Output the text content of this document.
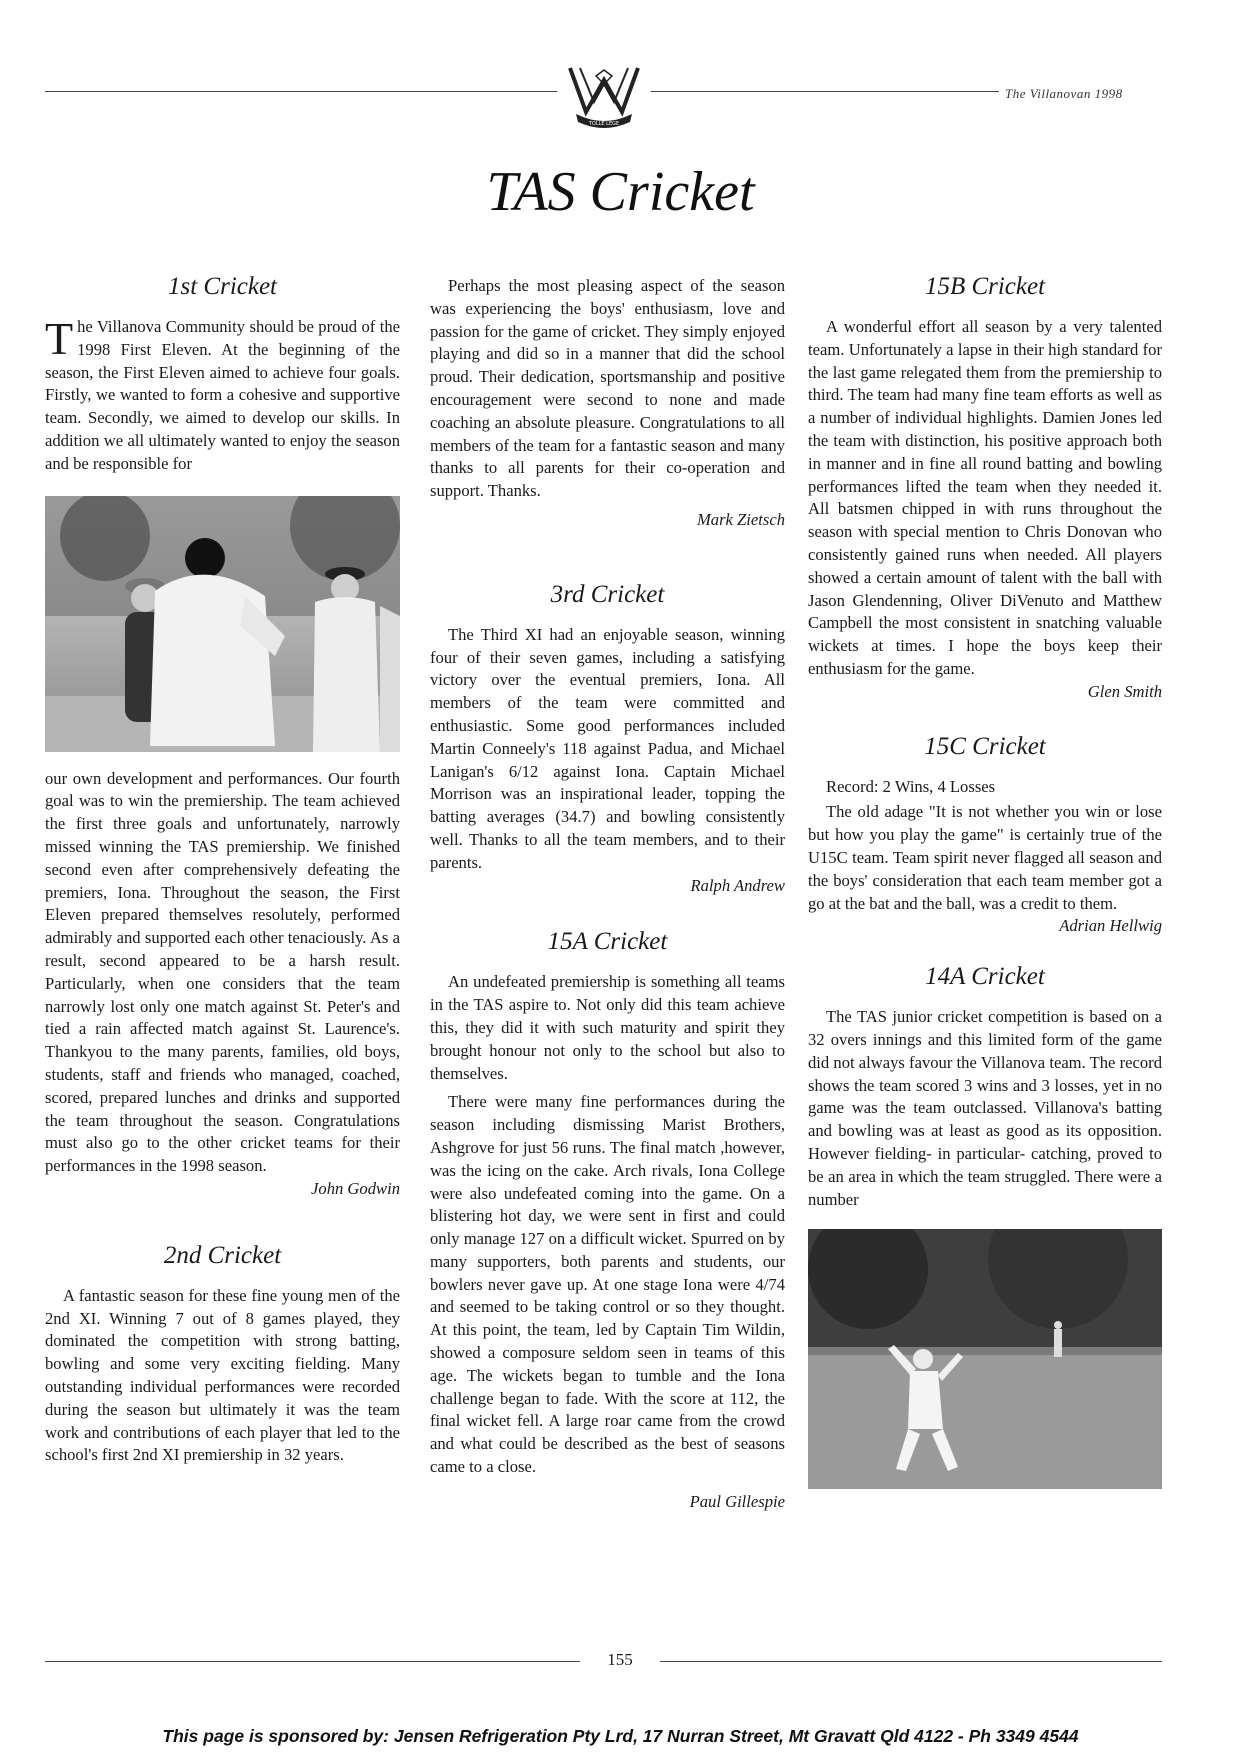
TOLLE LEGE
The Villanovan 1998
TAS Cricket
1st Cricket

The Villanova Community should be proud of the 1998 First Eleven. At the beginning of the season, the First Eleven aimed to achieve four goals. Firstly, we wanted to form a cohesive and supportive team. Secondly, we aimed to develop our skills. In addition we all ultimately wanted to enjoy the season and be responsible for

our own development and performances. Our fourth goal was to win the premiership. The team achieved the first three goals and unfortunately, narrowly missed winning the TAS premiership. We finished second even after comprehensively defeating the premiers, Iona. Throughout the season, the First Eleven prepared themselves resolutely, performed admirably and supported each other tenaciously. As a result, second appeared to be a harsh result. Particularly, when one considers that the team narrowly lost only one match against St. Peter's and tied a rain affected match against St. Laurence's. Thankyou to the many parents, families, old boys, students, staff and friends who managed, coached, scored, prepared lunches and drinks and supported the team throughout the season. Congratulations must also go to the other cricket teams for their performances in the 1998 season.

John Godwin

2nd Cricket

A fantastic season for these fine young men of the 2nd XI. Winning 7 out of 8 games played, they dominated the competition with strong batting, bowling and some very exciting fielding. Many outstanding individual performances were recorded during the season but ultimately it was the team work and contributions of each player that led to the school's first 2nd XI premiership in 32 years.

Perhaps the most pleasing aspect of the season was experiencing the boys' enthusiasm, love and passion for the game of cricket. They simply enjoyed playing and did so in a manner that did the school proud. Their dedication, sportsmanship and positive encouragement were second to none and made coaching an absolute pleasure. Congratulations to all members of the team for a fantastic season and many thanks to all parents for their co-operation and support. Thanks.

Mark Zietsch

3rd Cricket

The Third XI had an enjoyable season, winning four of their seven games, including a satisfying victory over the eventual premiers, Iona. All members of the team were committed and enthusiastic. Some good performances included Martin Conneely's 118 against Padua, and Michael Lanigan's 6/12 against Iona. Captain Michael Morrison was an inspirational leader, topping the batting averages (34.7) and bowling consistently well. Thanks to all the team members, and to their parents.

Ralph Andrew

15A Cricket

An undefeated premiership is something all teams in the TAS aspire to. Not only did this team achieve this, they did it with such maturity and spirit they brought honour not only to the school but also to themselves.

There were many fine performances during the season including dismissing Marist Brothers, Ashgrove for just 56 runs. The final match ,however, was the icing on the cake. Arch rivals, Iona College were also undefeated coming into the game. On a blistering hot day, we were sent in first and could only manage 127 on a difficult wicket. Spurred on by many supporters, both parents and students, our bowlers never gave up. At one stage Iona were 4/74 and seemed to be taking control or so they thought. At this point, the team, led by Captain Tim Wildin, showed a composure seldom seen in teams of this age. The wickets began to tumble and the Iona challenge began to fade. With the score at 112, the final wicket fell. A large roar came from the crowd and what could be described as the best of seasons came to a close.

Paul Gillespie

15B Cricket

A wonderful effort all season by a very talented team. Unfortunately a lapse in their high standard for the last game relegated them from the premiership to third. The team had many fine team efforts as well as a number of individual highlights. Damien Jones led the team with distinction, his positive approach both in manner and in fine all round batting and bowling performances lifted the team when they needed it. All batsmen chipped in with runs throughout the season with special mention to Chris Donovan who consistently gained runs when needed. All players showed a certain amount of talent with the ball with Jason Glendenning, Oliver DiVenuto and Matthew Campbell the most consistent in snatching valuable wickets at times. I hope the boys keep their enthusiasm for the game.

Glen Smith

15C Cricket

Record: 2 Wins, 4 Losses

The old adage "It is not whether you win or lose but how you play the game" is certainly true of the U15C team. Team spirit never flagged all season and the boys' consideration that each team member got a go at the bat and the ball, was a credit to them.

Adrian Hellwig

14A Cricket

The TAS junior cricket competition is based on a 32 overs innings and this limited form of the game did not always favour the Villanova team. The record shows the team scored 3 wins and 3 losses, yet in no game was the team outclassed. Villanova's batting and bowling was at least as good as its opposition. However fielding- in particular- catching, proved to be an area in which the team struggled. There were a number

155
This page is sponsored by: Jensen Refrigeration Pty Lrd, 17 Nurran Street, Mt Gravatt Qld 4122 - Ph 3349 4544
